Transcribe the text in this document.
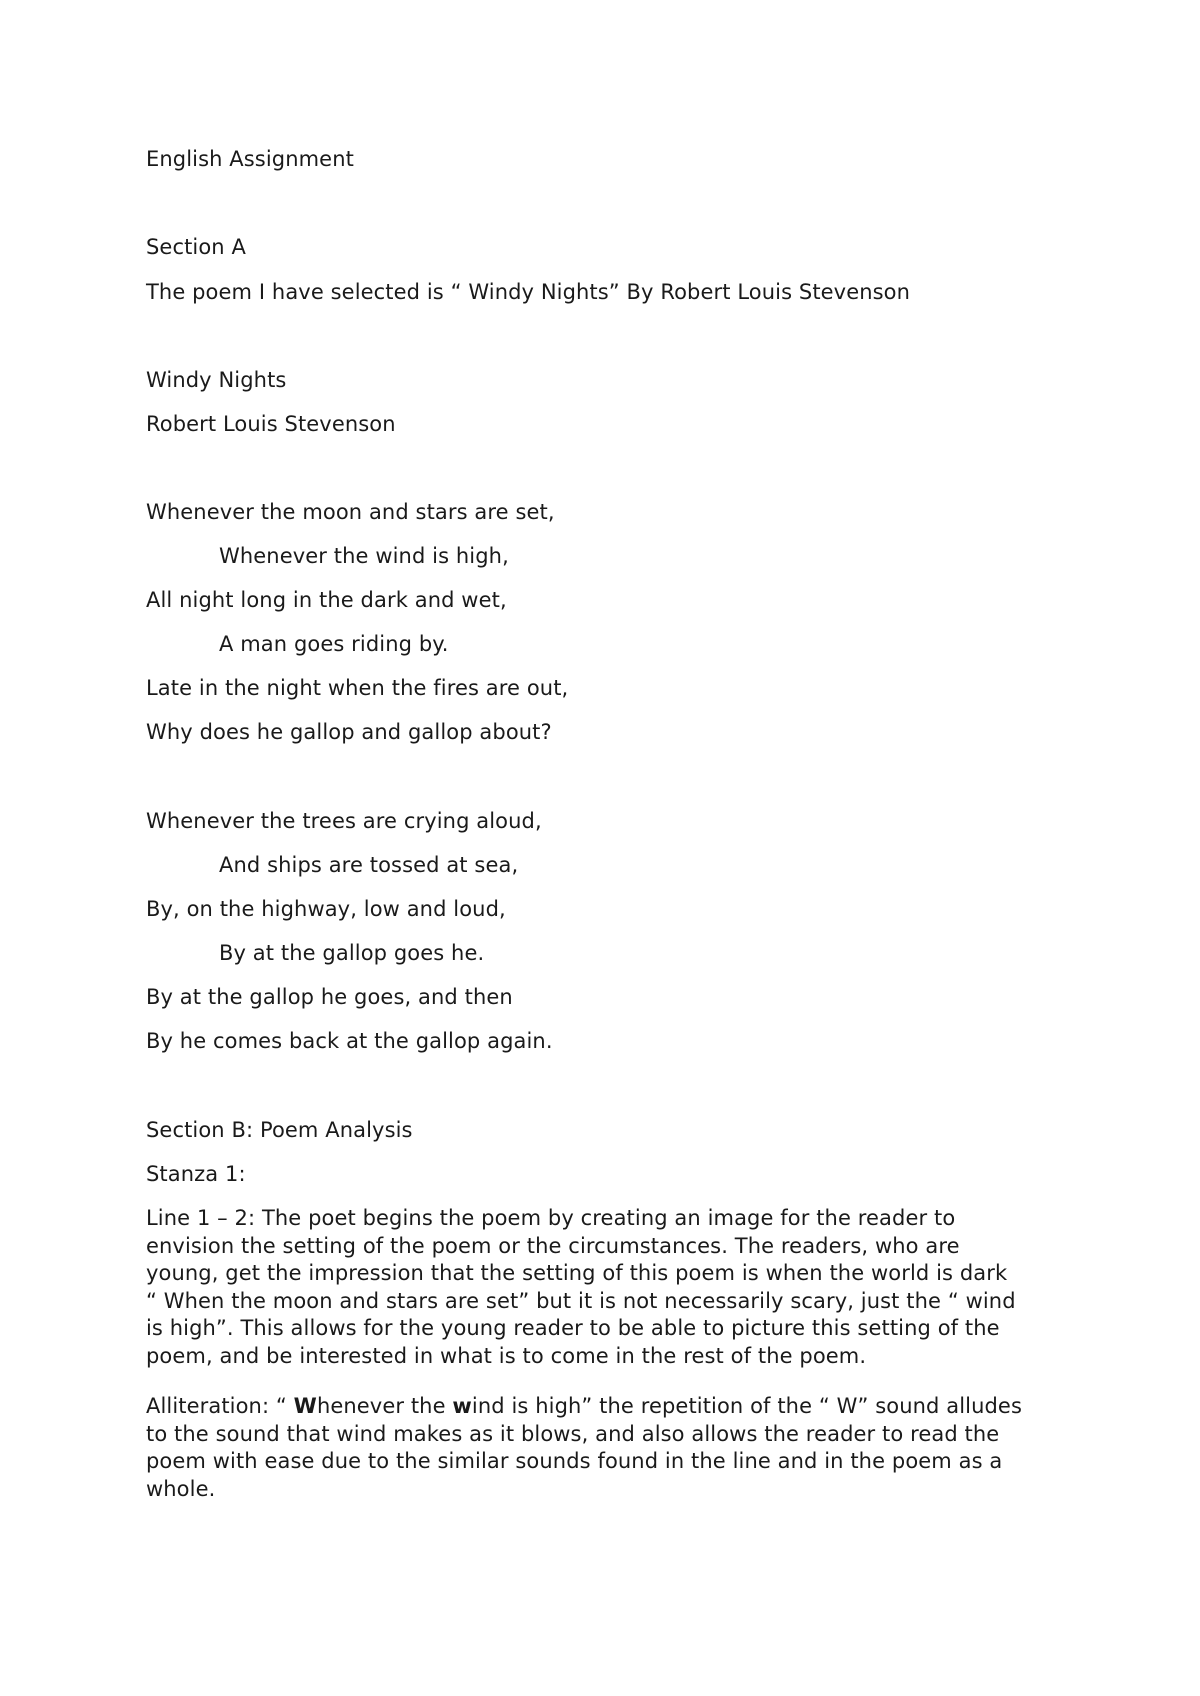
English Assignment
Section A
The poem I have selected is “ Windy Nights” By Robert Louis Stevenson
Windy Nights
Robert Louis Stevenson
Whenever the moon and stars are set,
Whenever the wind is high,
All night long in the dark and wet,
A man goes riding by.
Late in the night when the fires are out,
Why does he gallop and gallop about?
Whenever the trees are crying aloud,
And ships are tossed at sea,
By, on the highway, low and loud,
By at the gallop goes he.
By at the gallop he goes, and then
By he comes back at the gallop again.
Section B: Poem Analysis
Stanza 1:
Line 1 – 2: The poet begins the poem by creating an image for the reader to
envision the setting of the poem or the circumstances. The readers, who are
young, get the impression that the setting of this poem is when the world is dark
“ When the moon and stars are set” but it is not necessarily scary, just the “ wind
is high”. This allows for the young reader to be able to picture this setting of the
poem, and be interested in what is to come in the rest of the poem.
Alliteration: “ Whenever the wind is high” the repetition of the “ W” sound alludes
to the sound that wind makes as it blows, and also allows the reader to read the
poem with ease due to the similar sounds found in the line and in the poem as a
whole.
